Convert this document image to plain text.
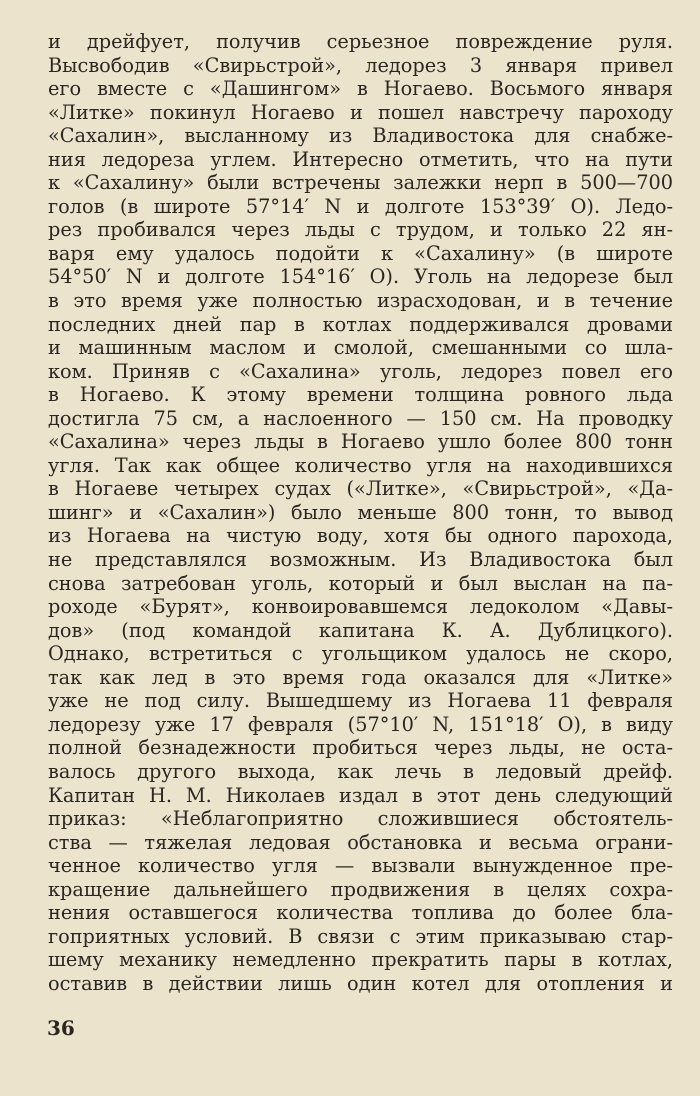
и дрейфует, получив серьезное повреждение руля.
Высвободив «Свирьстрой», ледорез 3 января привел
его вместе с «Дашингом» в Ногаево. Восьмого января
«Литке» покинул Ногаево и пошел навстречу пароходу
«Сахалин», высланному из Владивостока для снабже-
ния ледореза углем. Интересно отметить, что на пути
к «Сахалину» были встречены залежки нерп в 500—700
голов (в широте 57°14′ N и долготе 153°39′ О). Ледо-
рез пробивался через льды с трудом, и только 22 ян-
варя ему удалось подойти к «Сахалину» (в широте
54°50′ N и долготе 154°16′ О). Уголь на ледорезе был
в это время уже полностью израсходован, и в течение
последних дней пар в котлах поддерживался дровами
и машинным маслом и смолой, смешанными со шла-
ком. Приняв с «Сахалина» уголь, ледорез повел его
в Ногаево. К этому времени толщина ровного льда
достигла 75 см, а наслоенного — 150 см. На проводку
«Сахалина» через льды в Ногаево ушло более 800 тонн
угля. Так как общее количество угля на находившихся
в Ногаеве четырех судах («Литке», «Свирьстрой», «Да-
шинг» и «Сахалин») было меньше 800 тонн, то вывод
из Ногаева на чистую воду, хотя бы одного парохода,
не представлялся возможным. Из Владивостока был
снова затребован уголь, который и был выслан на па-
роходе «Бурят», конвоировавшемся ледоколом «Давы-
дов» (под командой капитана К. А. Дублицкого).
Однако, встретиться с угольщиком удалось не скоро,
так как лед в это время года оказался для «Литке»
уже не под силу. Вышедшему из Ногаева 11 февраля
ледорезу уже 17 февраля (57°10′ N, 151°18′ О), в виду
полной безнадежности пробиться через льды, не оста-
валось другого выхода, как лечь в ледовый дрейф.
Капитан Н. М. Николаев издал в этот день следующий
приказ: «Неблагоприятно сложившиеся обстоятель-
ства — тяжелая ледовая обстановка и весьма ограни-
ченное количество угля — вызвали вынужденное пре-
кращение дальнейшего продвижения в целях сохра-
нения оставшегося количества топлива до более бла-
гоприятных условий. В связи с этим приказываю стар-
шему механику немедленно прекратить пары в котлах,
оставив в действии лишь один котел для отопления и
36
